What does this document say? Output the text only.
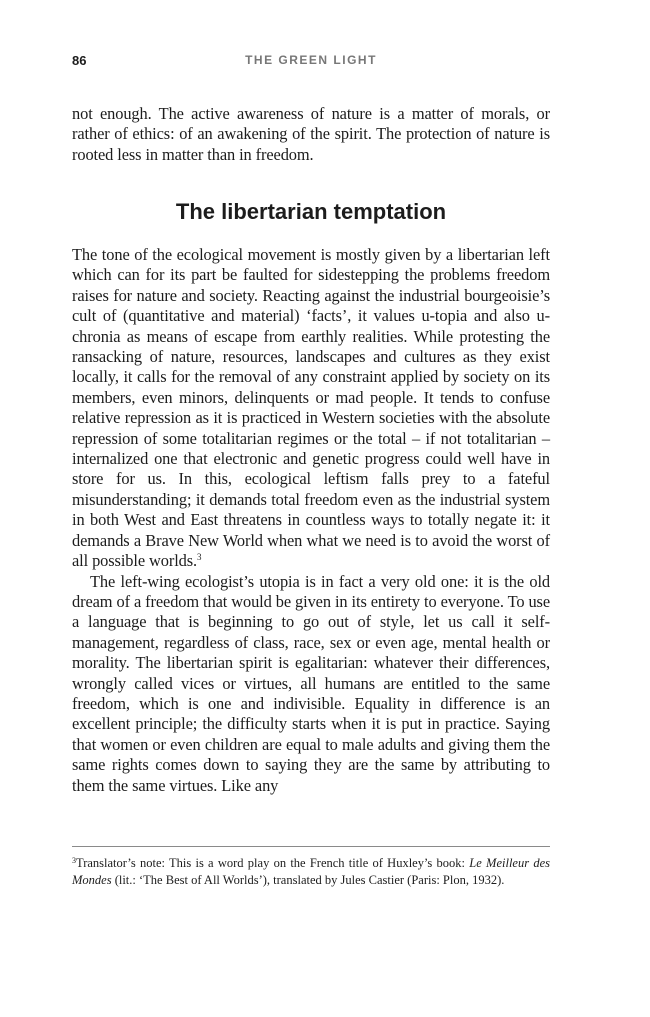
86	THE GREEN LIGHT

not enough. The active awareness of nature is a matter of morals, or rather of ethics: of an awakening of the spirit. The protection of nature is rooted less in matter than in freedom.

The libertarian temptation

The tone of the ecological movement is mostly given by a libertarian left which can for its part be faulted for sidestepping the problems freedom raises for nature and society. Reacting against the industrial bourgeoisie’s cult of (quantitative and material) ‘facts’, it values u-topia and also u-chronia as means of escape from earthly realities. While protesting the ransacking of nature, resources, landscapes and cultures as they exist locally, it calls for the removal of any constraint applied by society on its members, even minors, delinquents or mad people. It tends to confuse relative repression as it is practiced in Western societies with the absolute repression of some totalitarian regimes or the total – if not totalitarian – internalized one that electronic and genetic progress could well have in store for us. In this, ecological leftism falls prey to a fateful misunderstanding; it demands total freedom even as the industrial system in both West and East threatens in countless ways to totally negate it: it demands a Brave New World when what we need is to avoid the worst of all possible worlds.$^3$

The left-wing ecologist’s utopia is in fact a very old one: it is the old dream of a freedom that would be given in its entirety to everyone. To use a language that is beginning to go out of style, let us call it self-management, regardless of class, race, sex or even age, mental health or morality. The libertarian spirit is egalitarian: whatever their differences, wrongly called vices or virtues, all humans are entitled to the same freedom, which is one and indivisible. Equality in difference is an excellent principle; the difficulty starts when it is put in practice. Saying that women or even children are equal to male adults and giving them the same rights comes down to saying they are the same by attributing to them the same virtues. Like any

$^3$Translator’s note: This is a word play on the French title of Huxley’s book: Le Meilleur des Mondes (lit.: ‘The Best of All Worlds’), translated by Jules Castier (Paris: Plon, 1932).
